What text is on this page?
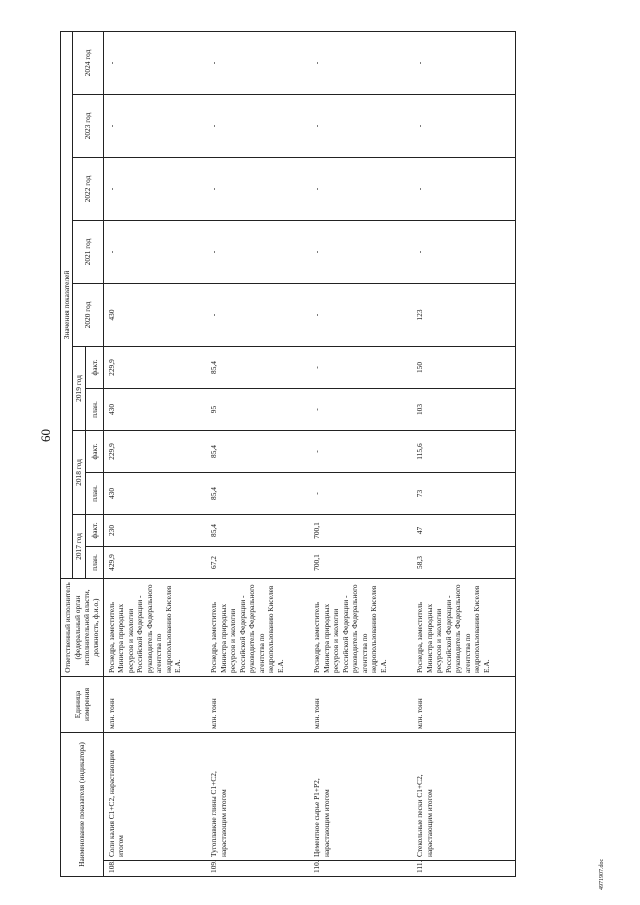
60
Наименование показателя (индикатора)		Единица измерения	Ответственный исполнитель (федеральный орган исполнительной власти, должность, ф.и.о.)	Значения показателей										
				2017 год		2018 год		2019 год		2020 год	2021 год	2022 год	2023 год	2024 год
				план.	факт.	план.	факт.	план.	факт.					
108.	Соли калия С1+С2, нарастающим итогом	млн. тонн	Роснедра, заместитель Министра природных ресурсов и экологии Российской Федерации - руководитель Федерального агентства по недропользованию Киселев Е.А.	429,9	230	430	229,9	430	229,9	430	-	-	-	-
109.	Тугоплавкие глины С1+С2, нарастающим итогом	млн. тонн	Роснедра, заместитель Министра природных ресурсов и экологии Российской Федерации - руководитель Федерального агентства по недропользованию Киселев Е.А.	67,2	85,4	85,4	85,4	95	85,4	-	-	-	-	-
110.	Цементное сырье Р1+Р2, нарастающим итогом	млн. тонн	Роснедра, заместитель Министра природных ресурсов и экологии Российской Федерации - руководитель Федерального агентства по недропользованию Киселев Е.А.	700,1	700,1	-	-	-	-	-	-	-	-	-
111.	Стекольные пески С1+С2, нарастающим итогом	млн. тонн	Роснедра, заместитель Министра природных ресурсов и экологии Российской Федерации - руководитель Федерального агентства по недропользованию Киселев Е.А.	58,3	47	73	115,6	103	150	123	-	-	-	-
4971907.doc
